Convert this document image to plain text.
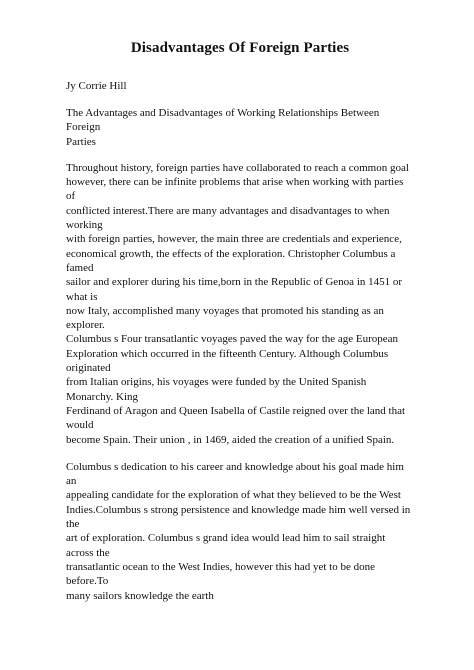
Disadvantages Of Foreign Parties

Jy Corrie Hill

The Advantages and Disadvantages of Working Relationships Between Foreign
Parties

Throughout history, foreign parties have collaborated to reach a common goal
however, there can be infinite problems that arise when working with parties of
conflicted interest.There are many advantages and disadvantages to when working
with foreign parties, however, the main three are credentials and experience,
economical growth, the effects of the exploration. Christopher Columbus a famed
sailor and explorer during his time,born in the Republic of Genoa in 1451 or what is
now Italy, accomplished many voyages that promoted his standing as an explorer.
Columbus s Four transatlantic voyages paved the way for the age European
Exploration which occurred in the fifteenth Century. Although Columbus originated
from Italian origins, his voyages were funded by the United Spanish Monarchy. King
Ferdinand of Aragon and Queen Isabella of Castile reigned over the land that would
become Spain. Their union , in 1469, aided the creation of a unified Spain.

Columbus s dedication to his career and knowledge about his goal made him an
appealing candidate for the exploration of what they believed to be the West
Indies.Columbus s strong persistence and knowledge made him well versed in the
art of exploration. Columbus s grand idea would lead him to sail straight across the
transatlantic ocean to the West Indies, however this had yet to be done before.To
many sailors knowledge the earth
